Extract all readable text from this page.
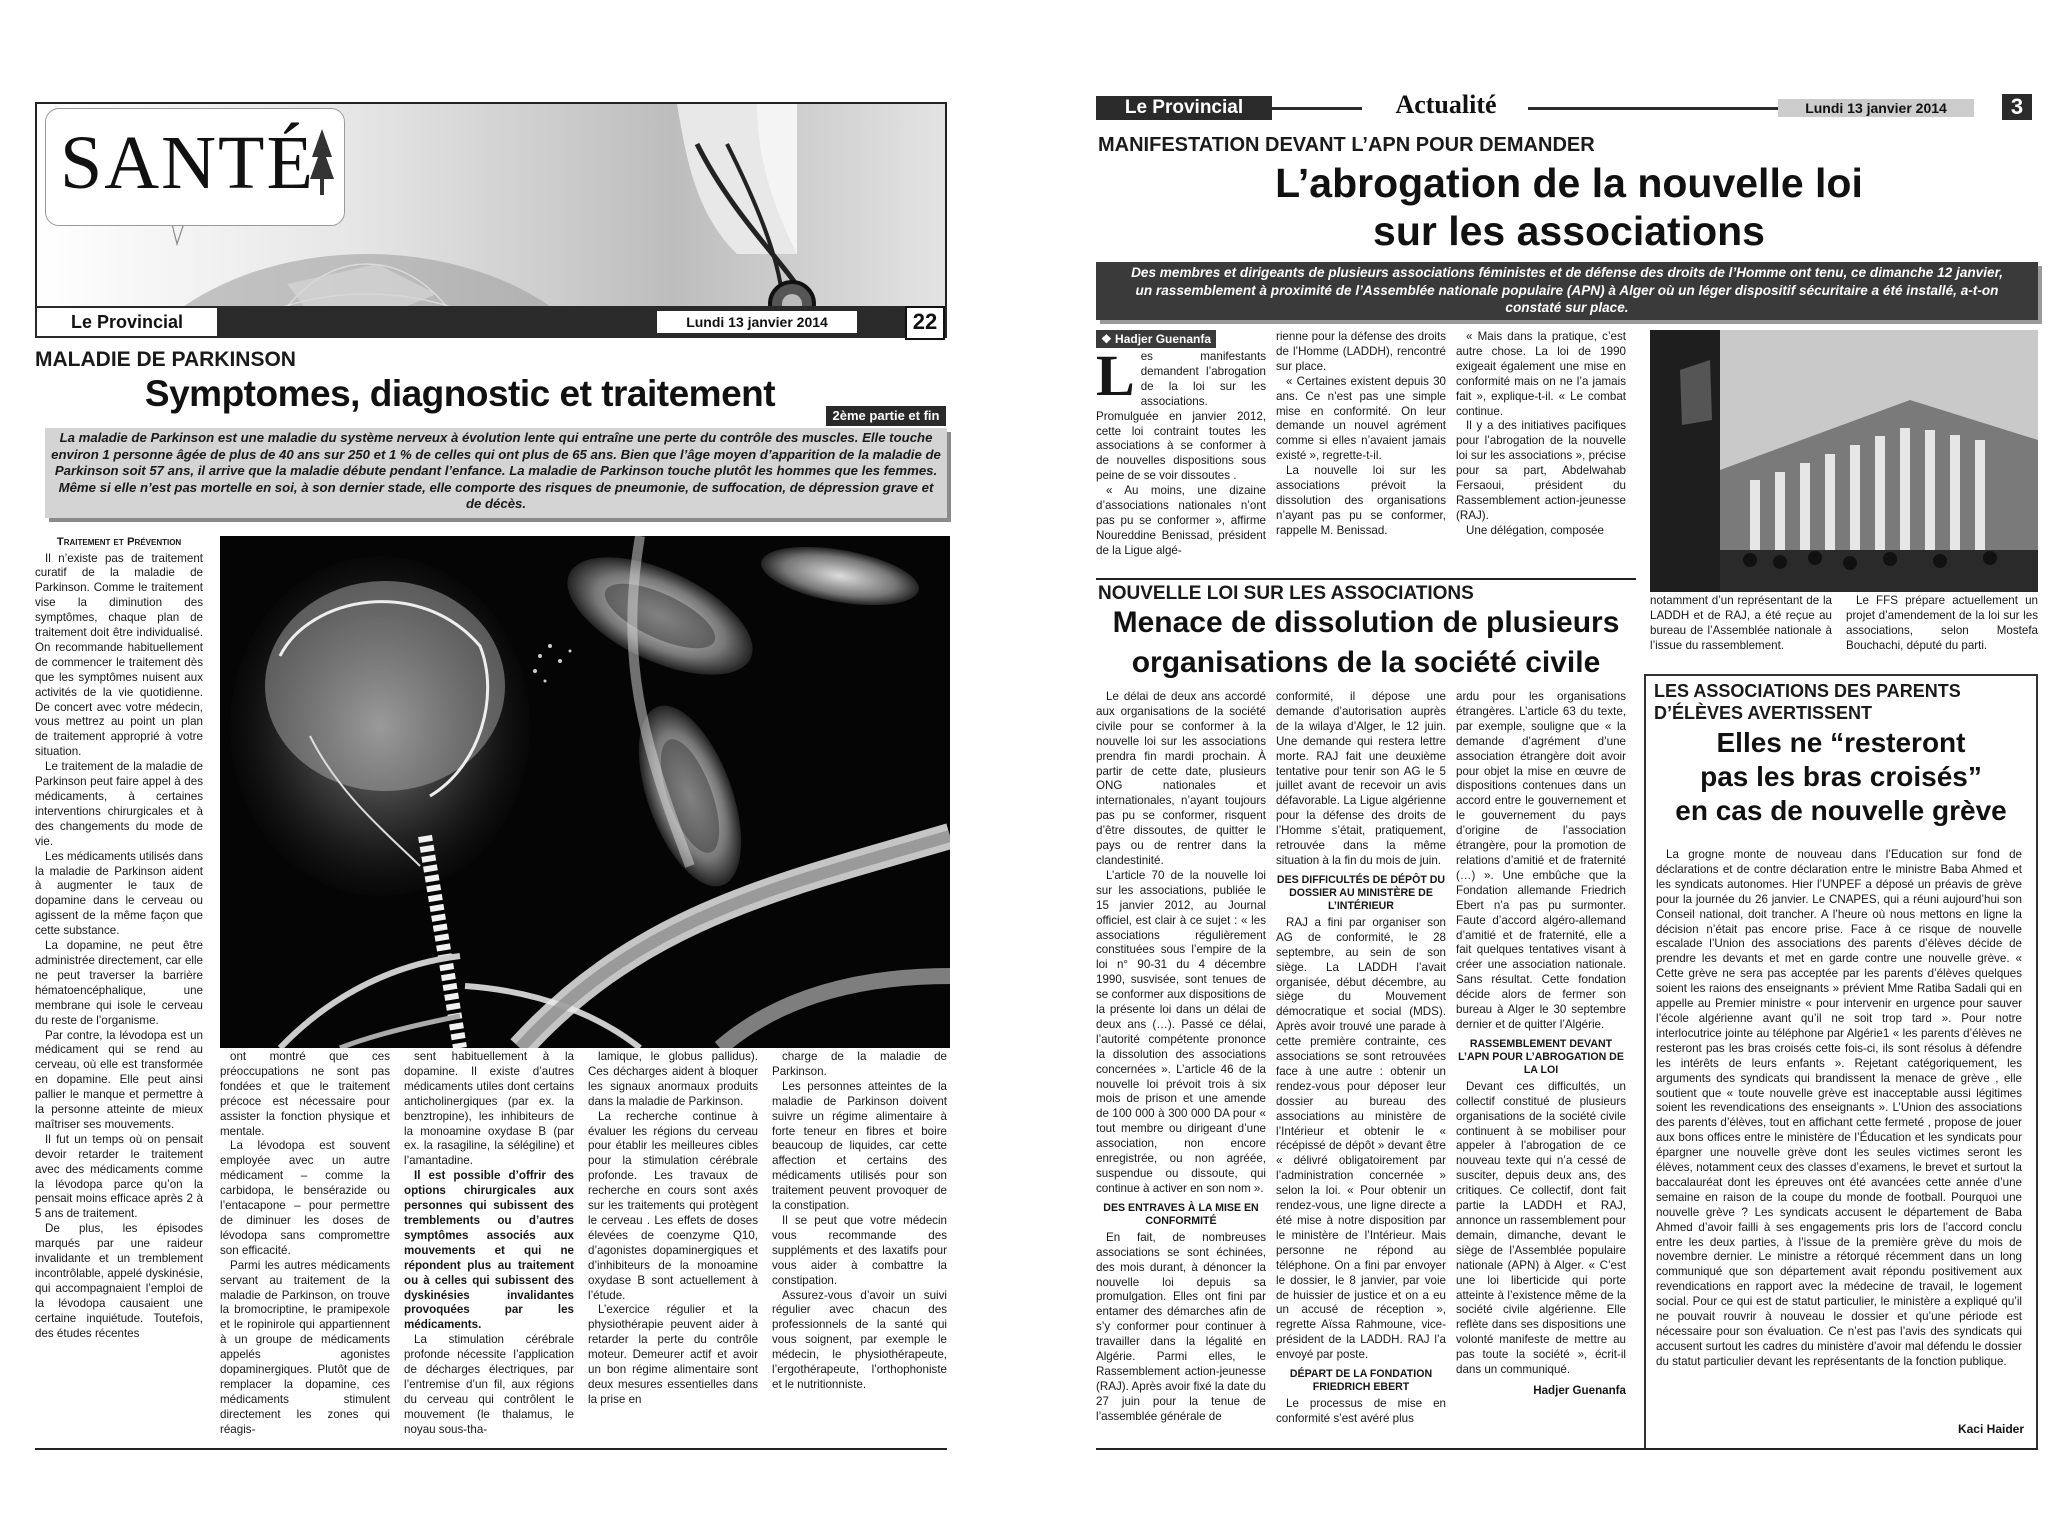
SANTÉ
Le Provincial	Lundi 13 janvier 2014	22
MALADIE DE PARKINSON
Symptomes, diagnostic et traitement
2ème partie et fin
La maladie de Parkinson est une maladie du système nerveux à évolution lente qui entraîne une perte du contrôle des muscles. Elle touche environ 1 personne âgée de plus de 40 ans sur 250 et 1 % de celles qui ont plus de 65 ans. Bien que l’âge moyen d’apparition de la maladie de Parkinson soit 57 ans, il arrive que la maladie débute pendant l’enfance. La maladie de Parkinson touche plutôt les hommes que les femmes. Même si elle n’est pas mortelle en soi, à son dernier stade, elle comporte des risques de pneumonie, de suffocation, de dépression grave et de décès.

Traitement et Prévention

Il n’existe pas de traitement curatif de la maladie de Parkinson. Comme le traitement vise la diminution des symptômes, chaque plan de traitement doit être individualisé. On recommande habituellement de commencer le traitement dès que les symptômes nuisent aux activités de la vie quotidienne. De concert avec votre médecin, vous mettrez au point un plan de traitement approprié à votre situation.

Le traitement de la maladie de Parkinson peut faire appel à des médicaments, à certaines interventions chirurgicales et à des changements du mode de vie.

Les médicaments utilisés dans la maladie de Parkinson aident à augmenter le taux de dopamine dans le cerveau ou agissent de la même façon que cette substance.

La dopamine, ne peut être administrée directement, car elle ne peut traverser la barrière hématoencéphalique, une membrane qui isole le cerveau du reste de l’organisme.

Par contre, la lévodopa est un médicament qui se rend au cerveau, où elle est transformée en dopamine. Elle peut ainsi pallier le manque et permettre à la personne atteinte de mieux maîtriser ses mouvements.

Il fut un temps où on pensait devoir retarder le traitement avec des médicaments comme la lévodopa parce qu’on la pensait moins efficace après 2 à 5 ans de traitement.

De plus, les épisodes marqués par une raideur invalidante et un tremblement incontrôlable, appelé dyskinésie, qui accompagnaient l’emploi de la lévodopa causaient une certaine inquiétude. Toutefois, des études récentes

ont montré que ces préoccupations ne sont pas fondées et que le traitement précoce est nécessaire pour assister la fonction physique et mentale.

La lévodopa est souvent employée avec un autre médicament – comme la carbidopa, le bensérazide ou l’entacapone – pour permettre de diminuer les doses de lévodopa sans compromettre son efficacité.

Parmi les autres médicaments servant au traitement de la maladie de Parkinson, on trouve la bromocriptine, le pramipexole et le ropinirole qui appartiennent à un groupe de médicaments appelés agonistes dopaminergiques. Plutôt que de remplacer la dopamine, ces médicaments stimulent directement les zones qui réagis-

sent habituellement à la dopamine. Il existe d’autres médicaments utiles dont certains anticholinergiques (par ex. la benztropine), les inhibiteurs de la monoamine oxydase B (par ex. la rasagiline, la sélégiline) et l’amantadine.

Il est possible d’offrir des options chirurgicales aux personnes qui subissent des tremblements ou d’autres symptômes associés aux mouvements et qui ne répondent plus au traitement ou à celles qui subissent des dyskinésies invalidantes provoquées par les médicaments.

La stimulation cérébrale profonde nécessite l’application de décharges électriques, par l’entremise d’un fil, aux régions du cerveau qui contrôlent le mouvement (le thalamus, le noyau sous-tha-

lamique, le globus pallidus). Ces décharges aident à bloquer les signaux anormaux produits dans la maladie de Parkinson.

La recherche continue à évaluer les régions du cerveau pour établir les meilleures cibles pour la stimulation cérébrale profonde. Les travaux de recherche en cours sont axés sur les traitements qui protègent le cerveau . Les effets de doses élevées de coenzyme Q10, d’agonistes dopaminergiques et d’inhibiteurs de la monoamine oxydase B sont actuellement à l’étude.

L’exercice régulier et la physiothérapie peuvent aider à retarder la perte du contrôle moteur. Demeurer actif et avoir un bon régime alimentaire sont deux mesures essentielles dans la prise en

charge de la maladie de Parkinson.

Les personnes atteintes de la maladie de Parkinson doivent suivre un régime alimentaire à forte teneur en fibres et boire beaucoup de liquides, car cette affection et certains des médicaments utilisés pour son traitement peuvent provoquer de la constipation.

Il se peut que votre médecin vous recommande des suppléments et des laxatifs pour vous aider à combattre la constipation.

Assurez-vous d’avoir un suivi régulier avec chacun des professionnels de la santé qui vous soignent, par exemple le médecin, le physiothérapeute, l’ergothérapeute, l’orthophoniste et le nutritionniste.

Le Provincial	Actualité	Lundi 13 janvier 2014	3
MANIFESTATION DEVANT L’APN POUR DEMANDER
L’abrogation de la nouvelle loi
sur les associations
Des membres et dirigeants de plusieurs associations féministes et de défense des droits de l’Homme ont tenu, ce dimanche 12 janvier, un rassemblement à proximité de l’Assemblée nationale populaire (APN) à Alger où un léger dispositif sécuritaire a été installé, a-t-on constaté sur place.
❖ Hadjer Guenanfa

Les manifestants demandent l’abrogation de la loi sur les associations. Promulguée en janvier 2012, cette loi contraint toutes les associations à se conformer à de nouvelles dispositions sous peine de se voir dissoutes .

« Au moins, une dizaine d’associations nationales n’ont pas pu se conformer », affirme Noureddine Benissad, président de la Ligue algé-

rienne pour la défense des droits de l’Homme (LADDH), rencontré sur place.

« Certaines existent depuis 30 ans. Ce n’est pas une simple mise en conformité. On leur demande un nouvel agrément comme si elles n’avaient jamais existé », regrette-t-il.

La nouvelle loi sur les associations prévoit la dissolution des organisations n’ayant pas pu se conformer, rappelle M. Benissad.

« Mais dans la pratique, c’est autre chose. La loi de 1990 exigeait également une mise en conformité mais on ne l’a jamais fait », explique-t-il. « Le combat continue.

Il y a des initiatives pacifiques pour l’abrogation de la nouvelle loi sur les associations », précise pour sa part, Abdelwahab Fersaoui, président du Rassemblement action-jeunesse (RAJ).

Une délégation, composée

notamment d’un représentant de la LADDH et de RAJ, a été reçue au bureau de l’Assemblée nationale à l’issue du rassemblement.

Le FFS prépare actuellement un projet d’amendement de la loi sur les associations, selon Mostefa Bouchachi, député du parti.

NOUVELLE LOI SUR LES ASSOCIATIONS
Menace de dissolution de plusieurs
organisations de la société civile

Le délai de deux ans accordé aux organisations de la société civile pour se conformer à la nouvelle loi sur les associations prendra fin mardi prochain. À partir de cette date, plusieurs ONG nationales et internationales, n’ayant toujours pas pu se conformer, risquent d’être dissoutes, de quitter le pays ou de rentrer dans la clandestinité.

L’article 70 de la nouvelle loi sur les associations, publiée le 15 janvier 2012, au Journal officiel, est clair à ce sujet : « les associations régulièrement constituées sous l’empire de la loi n° 90-31 du 4 décembre 1990, susvisée, sont tenues de se conformer aux dispositions de la présente loi dans un délai de deux ans (…). Passé ce délai, l’autorité compétente prononce la dissolution des associations concernées ». L’article 46 de la nouvelle loi prévoit trois à six mois de prison et une amende de 100 000 à 300 000 DA pour « tout membre ou dirigeant d’une association, non encore enregistrée, ou non agréée, suspendue ou dissoute, qui continue à activer en son nom ».

DES ENTRAVES À LA MISE EN CONFORMITÉ

En fait, de nombreuses associations se sont échinées, des mois durant, à dénoncer la nouvelle loi depuis sa promulgation. Elles ont fini par entamer des démarches afin de s’y conformer pour continuer à travailler dans la légalité en Algérie. Parmi elles, le Rassemblement action-jeunesse (RAJ). Après avoir fixé la date du 27 juin pour la tenue de l’assemblée générale de

conformité, il dépose une demande d’autorisation auprès de la wilaya d’Alger, le 12 juin. Une demande qui restera lettre morte. RAJ fait une deuxième tentative pour tenir son AG le 5 juillet avant de recevoir un avis défavorable. La Ligue algérienne pour la défense des droits de l’Homme s’était, pratiquement, retrouvée dans la même situation à la fin du mois de juin.

DES DIFFICULTÉS DE DÉPÔT DU DOSSIER AU MINISTÈRE DE L’INTÉRIEUR

RAJ a fini par organiser son AG de conformité, le 28 septembre, au sein de son siège. La LADDH l’avait organisée, début décembre, au siège du Mouvement démocratique et social (MDS). Après avoir trouvé une parade à cette première contrainte, ces associations se sont retrouvées face à une autre : obtenir un rendez-vous pour déposer leur dossier au bureau des associations au ministère de l’Intérieur et obtenir le « récépissé de dépôt » devant être « délivré obligatoirement par l’administration concernée » selon la loi. « Pour obtenir un rendez-vous, une ligne directe a été mise à notre disposition par le ministère de l’Intérieur. Mais personne ne répond au téléphone. On a fini par envoyer le dossier, le 8 janvier, par voie de huissier de justice et on a eu un accusé de réception », regrette Aïssa Rahmoune, vice-président de la LADDH. RAJ l’a envoyé par poste.

DÉPART DE LA FONDATION FRIEDRICH EBERT

Le processus de mise en conformité s’est avéré plus

ardu pour les organisations étrangères. L’article 63 du texte, par exemple, souligne que « la demande d’agrément d’une association étrangère doit avoir pour objet la mise en œuvre de dispositions contenues dans un accord entre le gouvernement et le gouvernement du pays d’origine de l’association étrangère, pour la promotion de relations d’amitié et de fraternité (…) ». Une embûche que la Fondation allemande Friedrich Ebert n’a pas pu surmonter. Faute d’accord algéro-allemand d’amitié et de fraternité, elle a fait quelques tentatives visant à créer une association nationale. Sans résultat. Cette fondation décide alors de fermer son bureau à Alger le 30 septembre dernier et de quitter l’Algérie.

RASSEMBLEMENT DEVANT L’APN POUR L’ABROGATION DE LA LOI

Devant ces difficultés, un collectif constitué de plusieurs organisations de la société civile continuent à se mobiliser pour appeler à l’abrogation de ce nouveau texte qui n’a cessé de susciter, depuis deux ans, des critiques. Ce collectif, dont fait partie la LADDH et RAJ, annonce un rassemblement pour demain, dimanche, devant le siège de l’Assemblée populaire nationale (APN) à Alger. « C’est une loi liberticide qui porte atteinte à l’existence même de la société civile algérienne. Elle reflète dans ses dispositions une volonté manifeste de mettre au pas toute la société », écrit-il dans un communiqué.

Hadjer Guenanfa

LES ASSOCIATIONS DES PARENTS
D’ÉLÈVES AVERTISSENT
Elles ne “resteront
pas les bras croisés”
en cas de nouvelle grève

La grogne monte de nouveau dans l’Education sur fond de déclarations et de contre déclaration entre le ministre Baba Ahmed et les syndicats autonomes. Hier l’UNPEF a déposé un préavis de grève pour la journée du 26 janvier. Le CNAPES, qui a réuni aujourd’hui son Conseil national, doit trancher. A l’heure où nous mettons en ligne la décision n’était pas encore prise. Face à ce risque de nouvelle escalade l’Union des associations des parents d’élèves décide de prendre les devants et met en garde contre une nouvelle grève. « Cette grève ne sera pas acceptée par les parents d’élèves quelques soient les raions des enseignants » prévient Mme Ratiba Sadali qui en appelle au Premier ministre « pour intervenir en urgence pour sauver l’école algérienne avant qu’il ne soit trop tard ». Pour notre interlocutrice jointe au téléphone par Algérie1 « les parents d’élèves ne resteront pas les bras croisés cette fois-ci, ils sont résolus à défendre les intérêts de leurs enfants ». Rejetant catégoriquement, les arguments des syndicats qui brandissent la menace de grève , elle soutient que « toute nouvelle grève est inacceptable aussi légitimes soient les revendications des enseignants ». L’Union des associations des parents d’élèves, tout en affichant cette fermeté , propose de jouer aux bons offices entre le ministère de l’Éducation et les syndicats pour épargner une nouvelle grève dont les seules victimes seront les élèves, notamment ceux des classes d’examens, le brevet et surtout la baccalauréat dont les épreuves ont été avancées cette année d’une semaine en raison de la coupe du monde de football. Pourquoi une nouvelle grève ? Les syndicats accusent le département de Baba Ahmed d’avoir failli à ses engagements pris lors de l’accord conclu entre les deux parties, à l’issue de la première grève du mois de novembre dernier. Le ministre a rétorqué récemment dans un long communiqué que son département avait répondu positivement aux revendications en rapport avec la médecine de travail, le logement social. Pour ce qui est de statut particulier, le ministère a expliqué qu’il ne pouvait rouvrir à nouveau le dossier et qu’une période est nécessaire pour son évaluation. Ce n’est pas l’avis des syndicats qui accusent surtout les cadres du ministère d’avoir mal défendu le dossier du statut particulier devant les représentants de la fonction publique.

Kaci Haider
